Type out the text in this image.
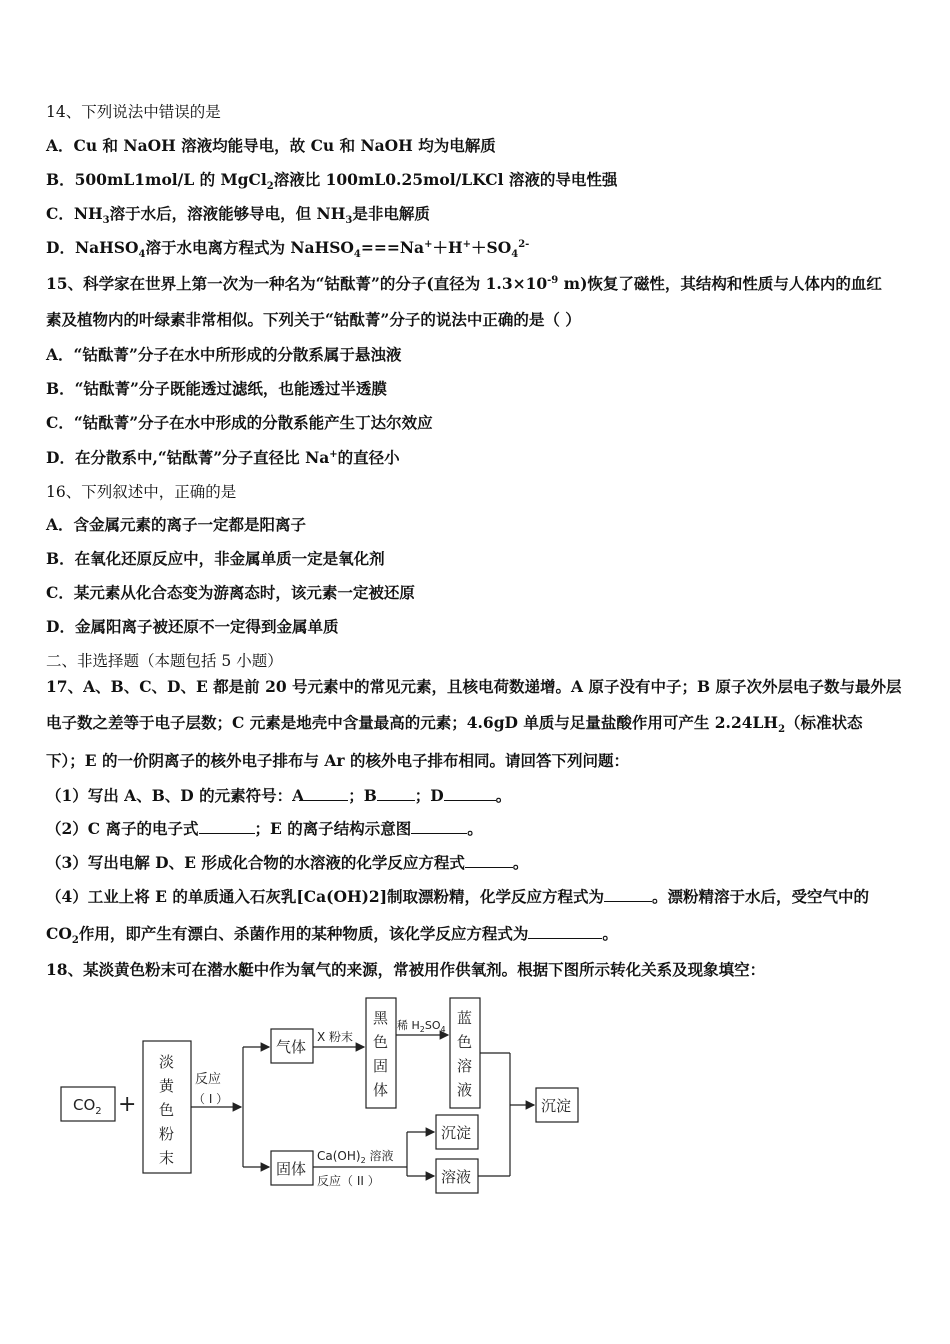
14、下列说法中错误的是
A．Cu 和 NaOH 溶液均能导电，故 Cu 和 NaOH 均为电解质
B．500mL1mol/L 的 MgCl$_2$溶液比 100mL0.25mol/LKCl 溶液的导电性强
C．$NH_3$溶于水后，溶液能够导电，但 $NH_3$是非电解质
D．NaHSO$_4$溶于水电离方程式为 $NaHSO_4===Na^++H^++SO_4^{2-}$
15、科学家在世界上第一次为一种名为“钴酞菁”的分子(直径为 $1.3\times 10^{-9}$ m)恢复了磁性，其结构和性质与人体内的血红
素及植物内的叶绿素非常相似。下列关于“钴酞菁”分子的说法中正确的是（ ）
A．“钴酞菁”分子在水中所形成的分散系属于悬浊液
B．“钴酞菁”分子既能透过滤纸，也能透过半透膜
C．“钴酞菁”分子在水中形成的分散系能产生丁达尔效应
D．在分散系中,“钴酞菁”分子直径比 Na+的直径小
16、下列叙述中，正确的是
A．含金属元素的离子一定都是阳离子
B．在氧化还原反应中，非金属单质一定是氧化剂
C．某元素从化合态变为游离态时，该元素一定被还原
D．金属阳离子被还原不一定得到金属单质
二、非选择题（本题包括 5 小题）
17、A、B、C、D、E 都是前 20 号元素中的常见元素，且核电荷数递增。A 原子没有中子；B 原子次外层电子数与最外层
电子数之差等于电子层数；C 元素是地壳中含量最高的元素；4.6gD 单质与足量盐酸作用可产生 $2.24LH_2$（标准状态
下）；E 的一价阴离子的核外电子排布与 Ar 的核外电子排布相同。请回答下列问题：
（1）写出 A、B、D 的元素符号：A	；B ；D	。
（2）C 离子的电子式	；E 的离子结构示意图	。
（3）写出电解 D、E 形成化合物的水溶液的化学反应方程式	。
（4）工业上将 E 的单质通入石灰乳[Ca(OH)2]制取漂粉精，化学反应方程式为	。漂粉精溶于水后，受空气中的
$CO_2$作用，即产生有漂白、杀菌作用的某种物质，该化学反应方程式为	。
18、某淡黄色粉末可在潜水艇中作为氧气的来源，常被用作供氧剂。根据下图所示转化关系及现象填空：
$CO_2$ +
淡
黄
色
粉
末
反应
（ I ）
气体
固体
X 粉末
黑
色
固
体
稀 $H_2SO_4$
蓝
色
溶
液
$Ca(OH)_2$ 溶液
反应（ II ）
沉淀
溶液
沉淀
